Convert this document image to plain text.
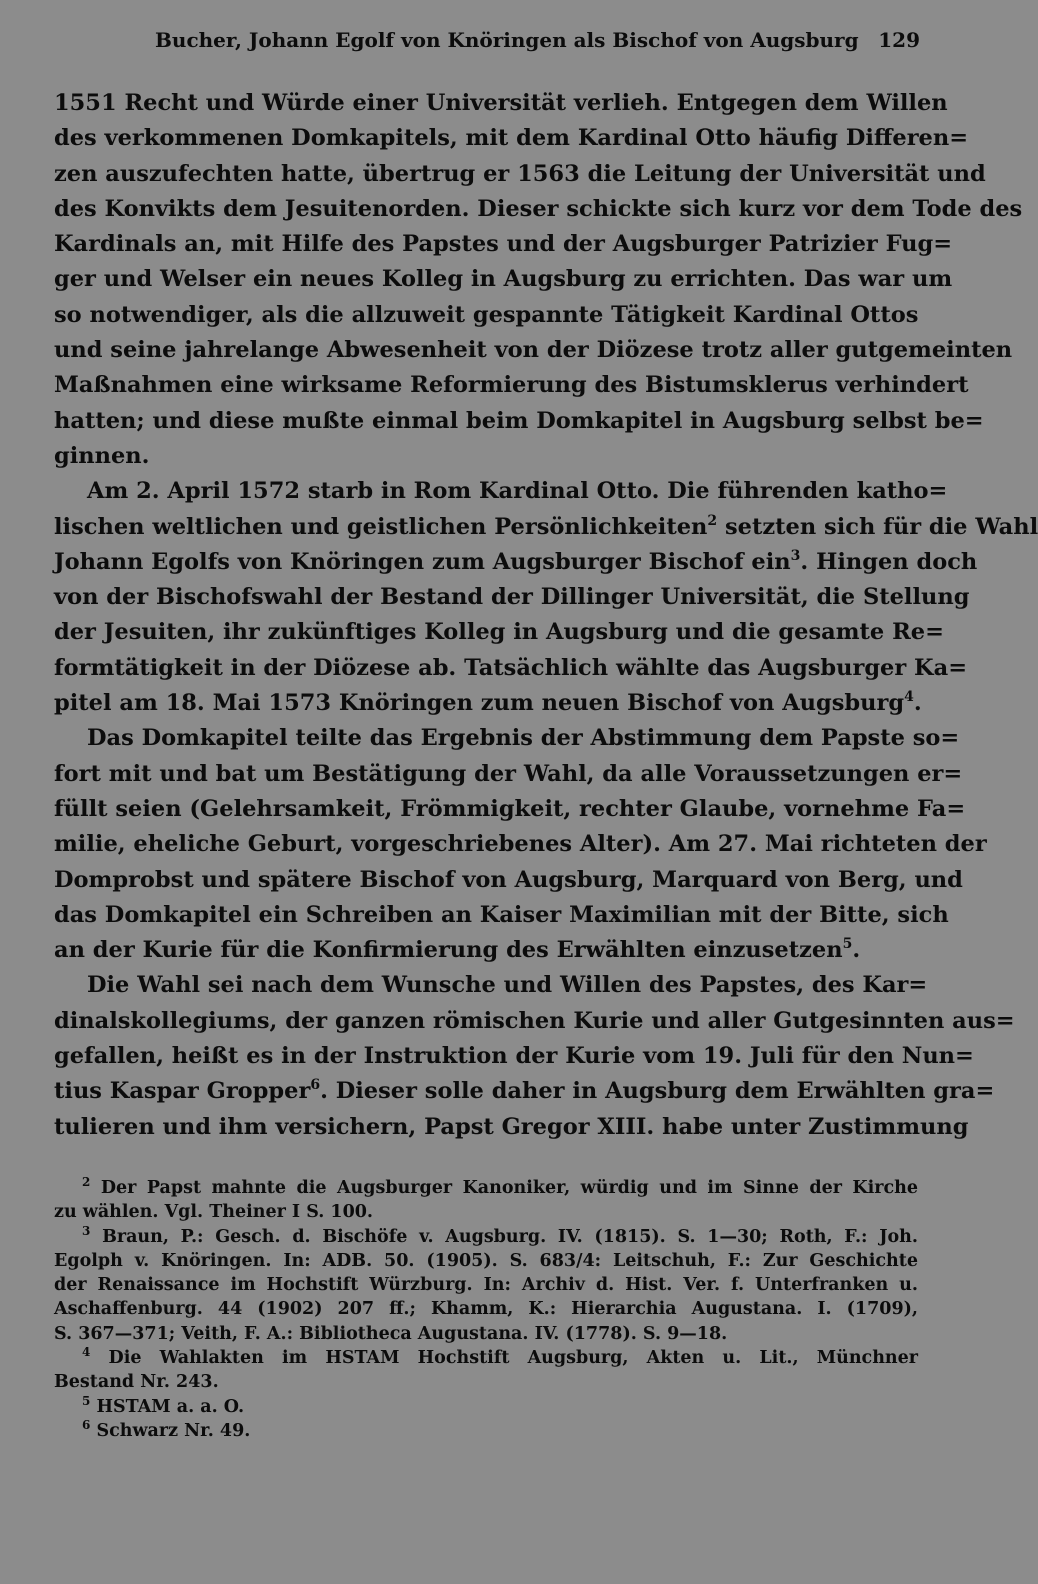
Bucher, Johann Egolf von Knöringen als Bischof von Augsburg 129
1551 Recht und Würde einer Universität verlieh. Entgegen dem Willen
des verkommenen Domkapitels, mit dem Kardinal Otto häufig Differen=
zen auszufechten hatte, übertrug er 1563 die Leitung der Universität und
des Konvikts dem Jesuitenorden. Dieser schickte sich kurz vor dem Tode des
Kardinals an, mit Hilfe des Papstes und der Augsburger Patrizier Fug=
ger und Welser ein neues Kolleg in Augsburg zu errichten. Das war um
so notwendiger, als die allzuweit gespannte Tätigkeit Kardinal Ottos
und seine jahrelange Abwesenheit von der Diözese trotz aller gutgemeinten
Maßnahmen eine wirksame Reformierung des Bistumsklerus verhindert
hatten; und diese mußte einmal beim Domkapitel in Augsburg selbst be=
ginnen.
Am 2. April 1572 starb in Rom Kardinal Otto. Die führenden katho=
lischen weltlichen und geistlichen Persönlichkeiten$^2$ setzten sich für die Wahl
Johann Egolfs von Knöringen zum Augsburger Bischof ein$^3$. Hingen doch
von der Bischofswahl der Bestand der Dillinger Universität, die Stellung
der Jesuiten, ihr zukünftiges Kolleg in Augsburg und die gesamte Re=
formtätigkeit in der Diözese ab. Tatsächlich wählte das Augsburger Ka=
pitel am 18. Mai 1573 Knöringen zum neuen Bischof von Augsburg$^4$.
Das Domkapitel teilte das Ergebnis der Abstimmung dem Papste so=
fort mit und bat um Bestätigung der Wahl, da alle Voraussetzungen er=
füllt seien (Gelehrsamkeit, Frömmigkeit, rechter Glaube, vornehme Fa=
milie, eheliche Geburt, vorgeschriebenes Alter). Am 27. Mai richteten der
Domprobst und spätere Bischof von Augsburg, Marquard von Berg, und
das Domkapitel ein Schreiben an Kaiser Maximilian mit der Bitte, sich
an der Kurie für die Konfirmierung des Erwählten einzusetzen$^5$.
Die Wahl sei nach dem Wunsche und Willen des Papstes, des Kar=
dinalskollegiums, der ganzen römischen Kurie und aller Gutgesinnten aus=
gefallen, heißt es in der Instruktion der Kurie vom 19. Juli für den Nun=
tius Kaspar Gropper$^6$. Dieser solle daher in Augsburg dem Erwählten gra=
tulieren und ihm versichern, Papst Gregor XIII. habe unter Zustimmung
$^2$ Der Papst mahnte die Augsburger Kanoniker, würdig und im Sinne der Kirche
zu wählen. Vgl. Theiner I S. 100.
$^3$ Braun, P.: Gesch. d. Bischöfe v. Augsburg. IV. (1815). S. 1—30; Roth, F.: Joh.
Egolph v. Knöringen. In: ADB. 50. (1905). S. 683/4: Leitschuh, F.: Zur Geschichte
der Renaissance im Hochstift Würzburg. In: Archiv d. Hist. Ver. f. Unterfranken u.
Aschaffenburg. 44 (1902) 207 ff.; Khamm, K.: Hierarchia Augustana. I. (1709),
S. 367—371; Veith, F. A.: Bibliotheca Augustana. IV. (1778). S. 9—18.
$^4$ Die Wahlakten im HSTAM Hochstift Augsburg, Akten u. Lit., Münchner
Bestand Nr. 243.
$^5$ HSTAM a. a. O.
$^6$ Schwarz Nr. 49.
